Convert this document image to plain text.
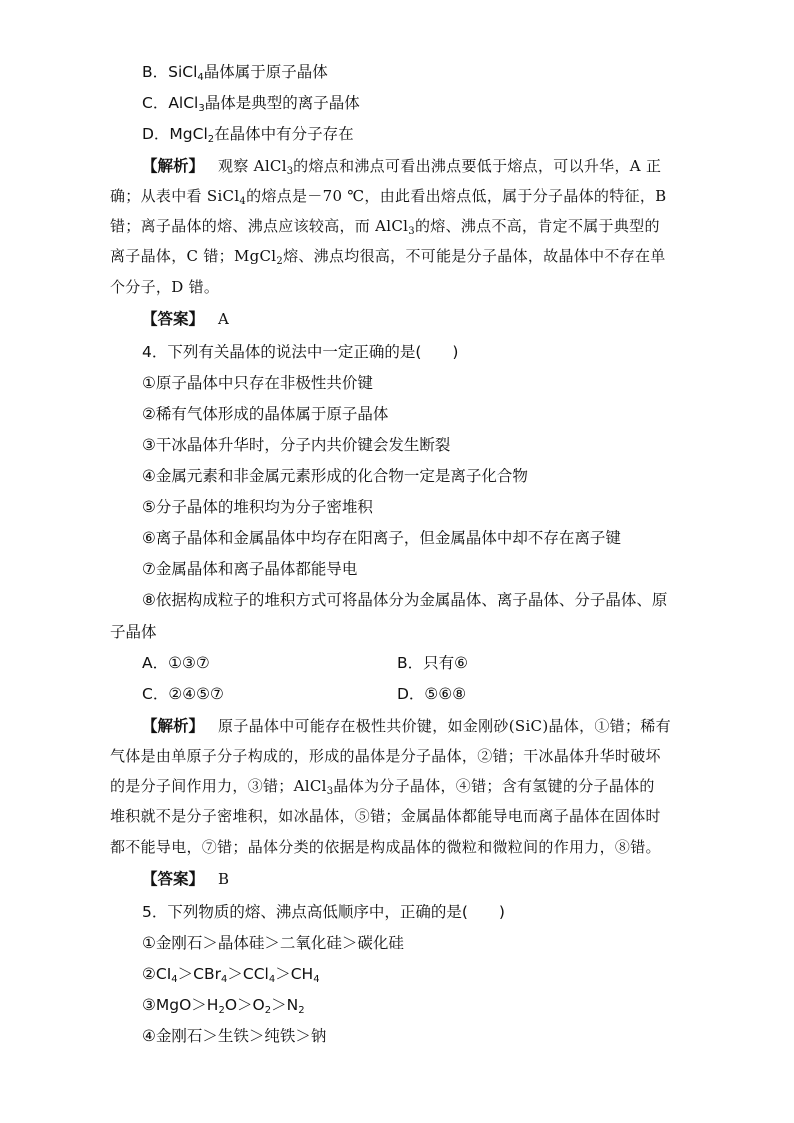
B．SiCl$_4$晶体属于原子晶体
C．AlCl$_3$晶体是典型的离子晶体
D．MgCl$_2$在晶体中有分子存在
【解析】 观察 AlCl$_3$的熔点和沸点可看出沸点要低于熔点，可以升华，A 正
确；从表中看 SiCl$_4$的熔点是－70 ℃，由此看出熔点低，属于分子晶体的特征，B
错；离子晶体的熔、沸点应该较高，而 AlCl$_3$的熔、沸点不高，肯定不属于典型的
离子晶体，C 错；MgCl$_2$熔、沸点均很高，不可能是分子晶体，故晶体中不存在单
个分子，D 错。
【答案】 A
4．下列有关晶体的说法中一定正确的是(　　)
①原子晶体中只存在非极性共价键
②稀有气体形成的晶体属于原子晶体
③干冰晶体升华时，分子内共价键会发生断裂
④金属元素和非金属元素形成的化合物一定是离子化合物
⑤分子晶体的堆积均为分子密堆积
⑥离子晶体和金属晶体中均存在阳离子，但金属晶体中却不存在离子键
⑦金属晶体和离子晶体都能导电
⑧依据构成粒子的堆积方式可将晶体分为金属晶体、离子晶体、分子晶体、原
子晶体
A．①③⑦	B．只有⑥
C．②④⑤⑦	D．⑤⑥⑧
【解析】 原子晶体中可能存在极性共价键，如金刚砂(SiC)晶体，①错；稀有
气体是由单原子分子构成的，形成的晶体是分子晶体，②错；干冰晶体升华时破坏
的是分子间作用力，③错；AlCl$_3$晶体为分子晶体，④错；含有氢键的分子晶体的
堆积就不是分子密堆积，如冰晶体，⑤错；金属晶体都能导电而离子晶体在固体时
都不能导电，⑦错；晶体分类的依据是构成晶体的微粒和微粒间的作用力，⑧错。
【答案】 B
5．下列物质的熔、沸点高低顺序中，正确的是(　　)
①金刚石＞晶体硅＞二氧化硅＞碳化硅
$②CI_4>CBr_4>CCl_4>CH_4$
$③MgO>H_2O>O_2>N_2$
④金刚石＞生铁＞纯铁＞钠
